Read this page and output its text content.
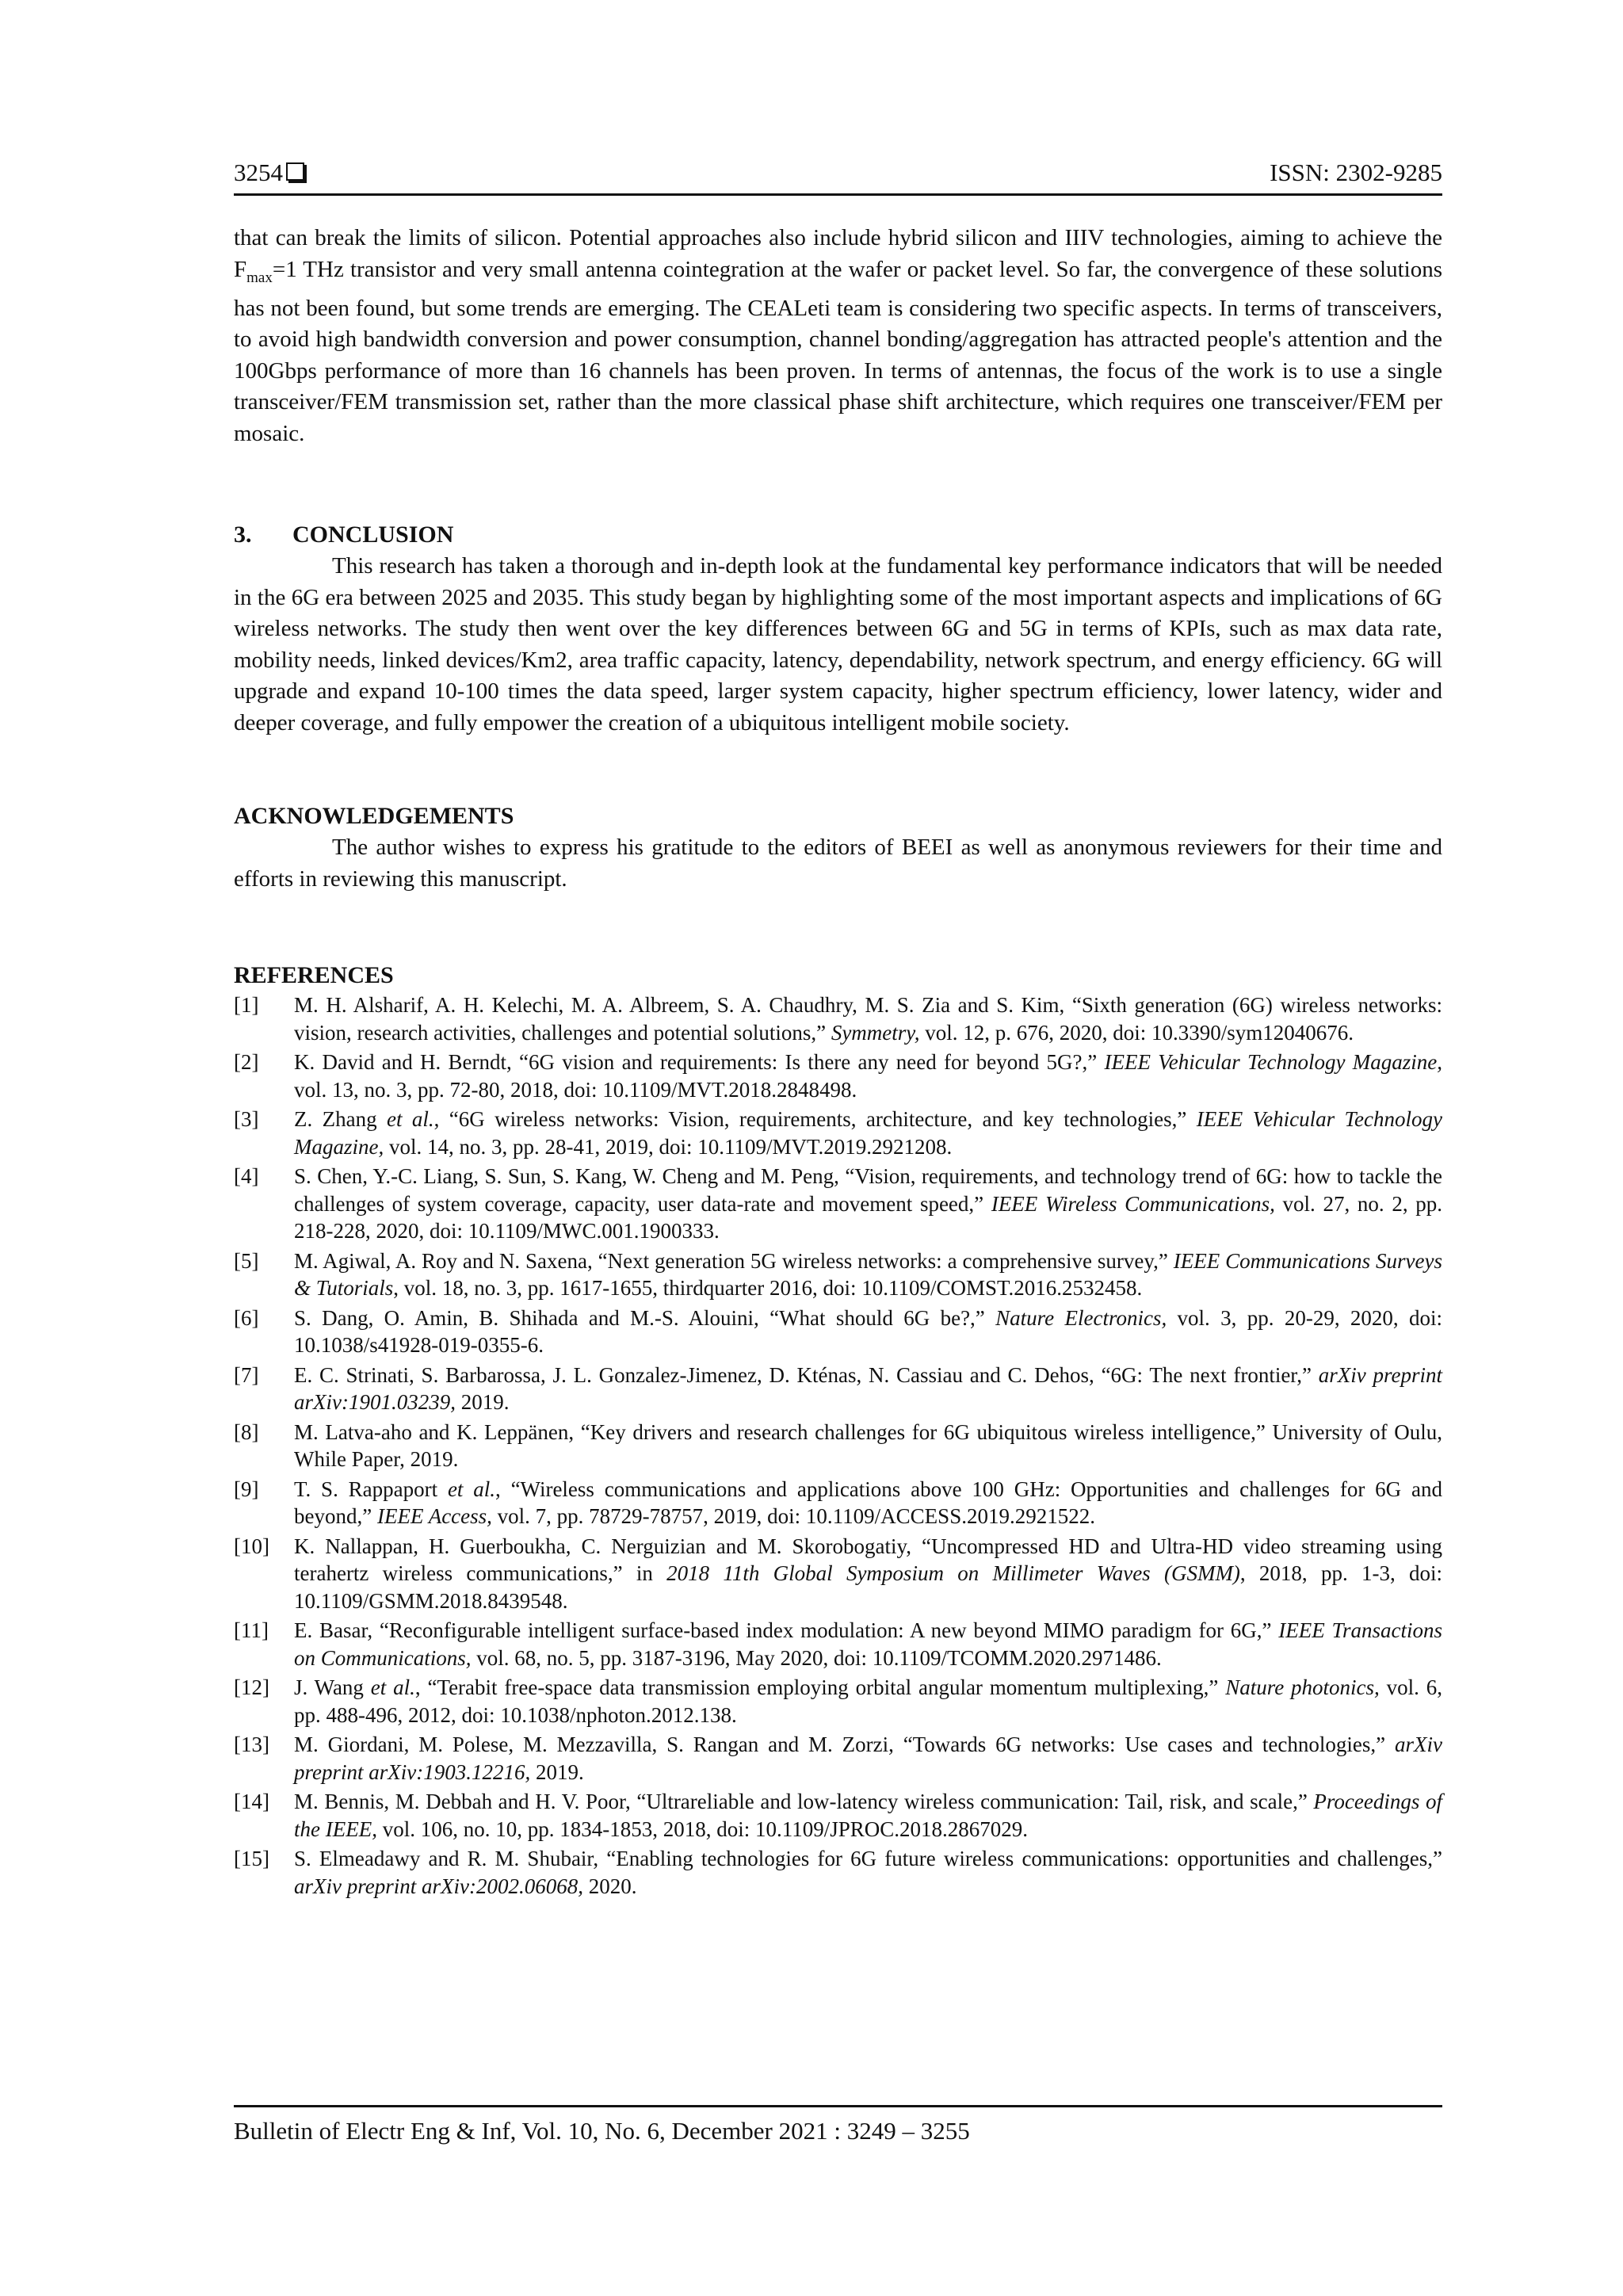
3254	ISSN: 2302-9285

that can break the limits of silicon. Potential approaches also include hybrid silicon and IIIV technologies, aiming to achieve the $F_{max}=1$ THz transistor and very small antenna cointegration at the wafer or packet level. So far, the convergence of these solutions has not been found, but some trends are emerging. The CEALeti team is considering two specific aspects. In terms of transceivers, to avoid high bandwidth conversion and power consumption, channel bonding/aggregation has attracted people's attention and the 100Gbps performance of more than 16 channels has been proven. In terms of antennas, the focus of the work is to use a single transceiver/FEM transmission set, rather than the more classical phase shift architecture, which requires one transceiver/FEM per mosaic.

3. CONCLUSION

This research has taken a thorough and in-depth look at the fundamental key performance indicators that will be needed in the 6G era between 2025 and 2035. This study began by highlighting some of the most important aspects and implications of 6G wireless networks. The study then went over the key differences between 6G and 5G in terms of KPIs, such as max data rate, mobility needs, linked devices/Km2, area traffic capacity, latency, dependability, network spectrum, and energy efficiency. 6G will upgrade and expand 10-100 times the data speed, larger system capacity, higher spectrum efficiency, lower latency, wider and deeper coverage, and fully empower the creation of a ubiquitous intelligent mobile society.

ACKNOWLEDGEMENTS

The author wishes to express his gratitude to the editors of BEEI as well as anonymous reviewers for their time and efforts in reviewing this manuscript.

REFERENCES
[1]	M. H. Alsharif, A. H. Kelechi, M. A. Albreem, S. A. Chaudhry, M. S. Zia and S. Kim, “Sixth generation (6G) wireless networks: vision, research activities, challenges and potential solutions,” Symmetry, vol. 12, p. 676, 2020, doi: 10.3390/sym12040676.
[2]	K. David and H. Berndt, “6G vision and requirements: Is there any need for beyond 5G?,” IEEE Vehicular Technology Magazine, vol. 13, no. 3, pp. 72-80, 2018, doi: 10.1109/MVT.2018.2848498.
[3]	Z. Zhang et al., “6G wireless networks: Vision, requirements, architecture, and key technologies,” IEEE Vehicular Technology Magazine, vol. 14, no. 3, pp. 28-41, 2019, doi: 10.1109/MVT.2019.2921208.
[4]	S. Chen, Y.-C. Liang, S. Sun, S. Kang, W. Cheng and M. Peng, “Vision, requirements, and technology trend of 6G: how to tackle the challenges of system coverage, capacity, user data-rate and movement speed,” IEEE Wireless Communications, vol. 27, no. 2, pp. 218-228, 2020, doi: 10.1109/MWC.001.1900333.
[5]	M. Agiwal, A. Roy and N. Saxena, “Next generation 5G wireless networks: a comprehensive survey,” IEEE Communications Surveys & Tutorials, vol. 18, no. 3, pp. 1617-1655, thirdquarter 2016, doi: 10.1109/COMST.2016.2532458.
[6]	S. Dang, O. Amin, B. Shihada and M.-S. Alouini, “What should 6G be?,” Nature Electronics, vol. 3, pp. 20-29, 2020, doi: 10.1038/s41928-019-0355-6.
[7]	E. C. Strinati, S. Barbarossa, J. L. Gonzalez-Jimenez, D. Kténas, N. Cassiau and C. Dehos, “6G: The next frontier,” arXiv preprint arXiv:1901.03239, 2019.
[8]	M. Latva-aho and K. Leppänen, “Key drivers and research challenges for 6G ubiquitous wireless intelligence,” University of Oulu, While Paper, 2019.
[9]	T. S. Rappaport et al., “Wireless communications and applications above 100 GHz: Opportunities and challenges for 6G and beyond,” IEEE Access, vol. 7, pp. 78729-78757, 2019, doi: 10.1109/ACCESS.2019.2921522.
[10]	K. Nallappan, H. Guerboukha, C. Nerguizian and M. Skorobogatiy, “Uncompressed HD and Ultra-HD video streaming using terahertz wireless communications,” in 2018 11th Global Symposium on Millimeter Waves (GSMM), 2018, pp. 1-3, doi: 10.1109/GSMM.2018.8439548.
[11]	E. Basar, “Reconfigurable intelligent surface-based index modulation: A new beyond MIMO paradigm for 6G,” IEEE Transactions on Communications, vol. 68, no. 5, pp. 3187-3196, May 2020, doi: 10.1109/TCOMM.2020.2971486.
[12]	J. Wang et al., “Terabit free-space data transmission employing orbital angular momentum multiplexing,” Nature photonics, vol. 6, pp. 488-496, 2012, doi: 10.1038/nphoton.2012.138.
[13]	M. Giordani, M. Polese, M. Mezzavilla, S. Rangan and M. Zorzi, “Towards 6G networks: Use cases and technologies,” arXiv preprint arXiv:1903.12216, 2019.
[14]	M. Bennis, M. Debbah and H. V. Poor, “Ultrareliable and low-latency wireless communication: Tail, risk, and scale,” Proceedings of the IEEE, vol. 106, no. 10, pp. 1834-1853, 2018, doi: 10.1109/JPROC.2018.2867029.
[15]	S. Elmeadawy and R. M. Shubair, “Enabling technologies for 6G future wireless communications: opportunities and challenges,” arXiv preprint arXiv:2002.06068, 2020.
Bulletin of Electr Eng & Inf, Vol. 10, No. 6, December 2021 : 3249 – 3255
